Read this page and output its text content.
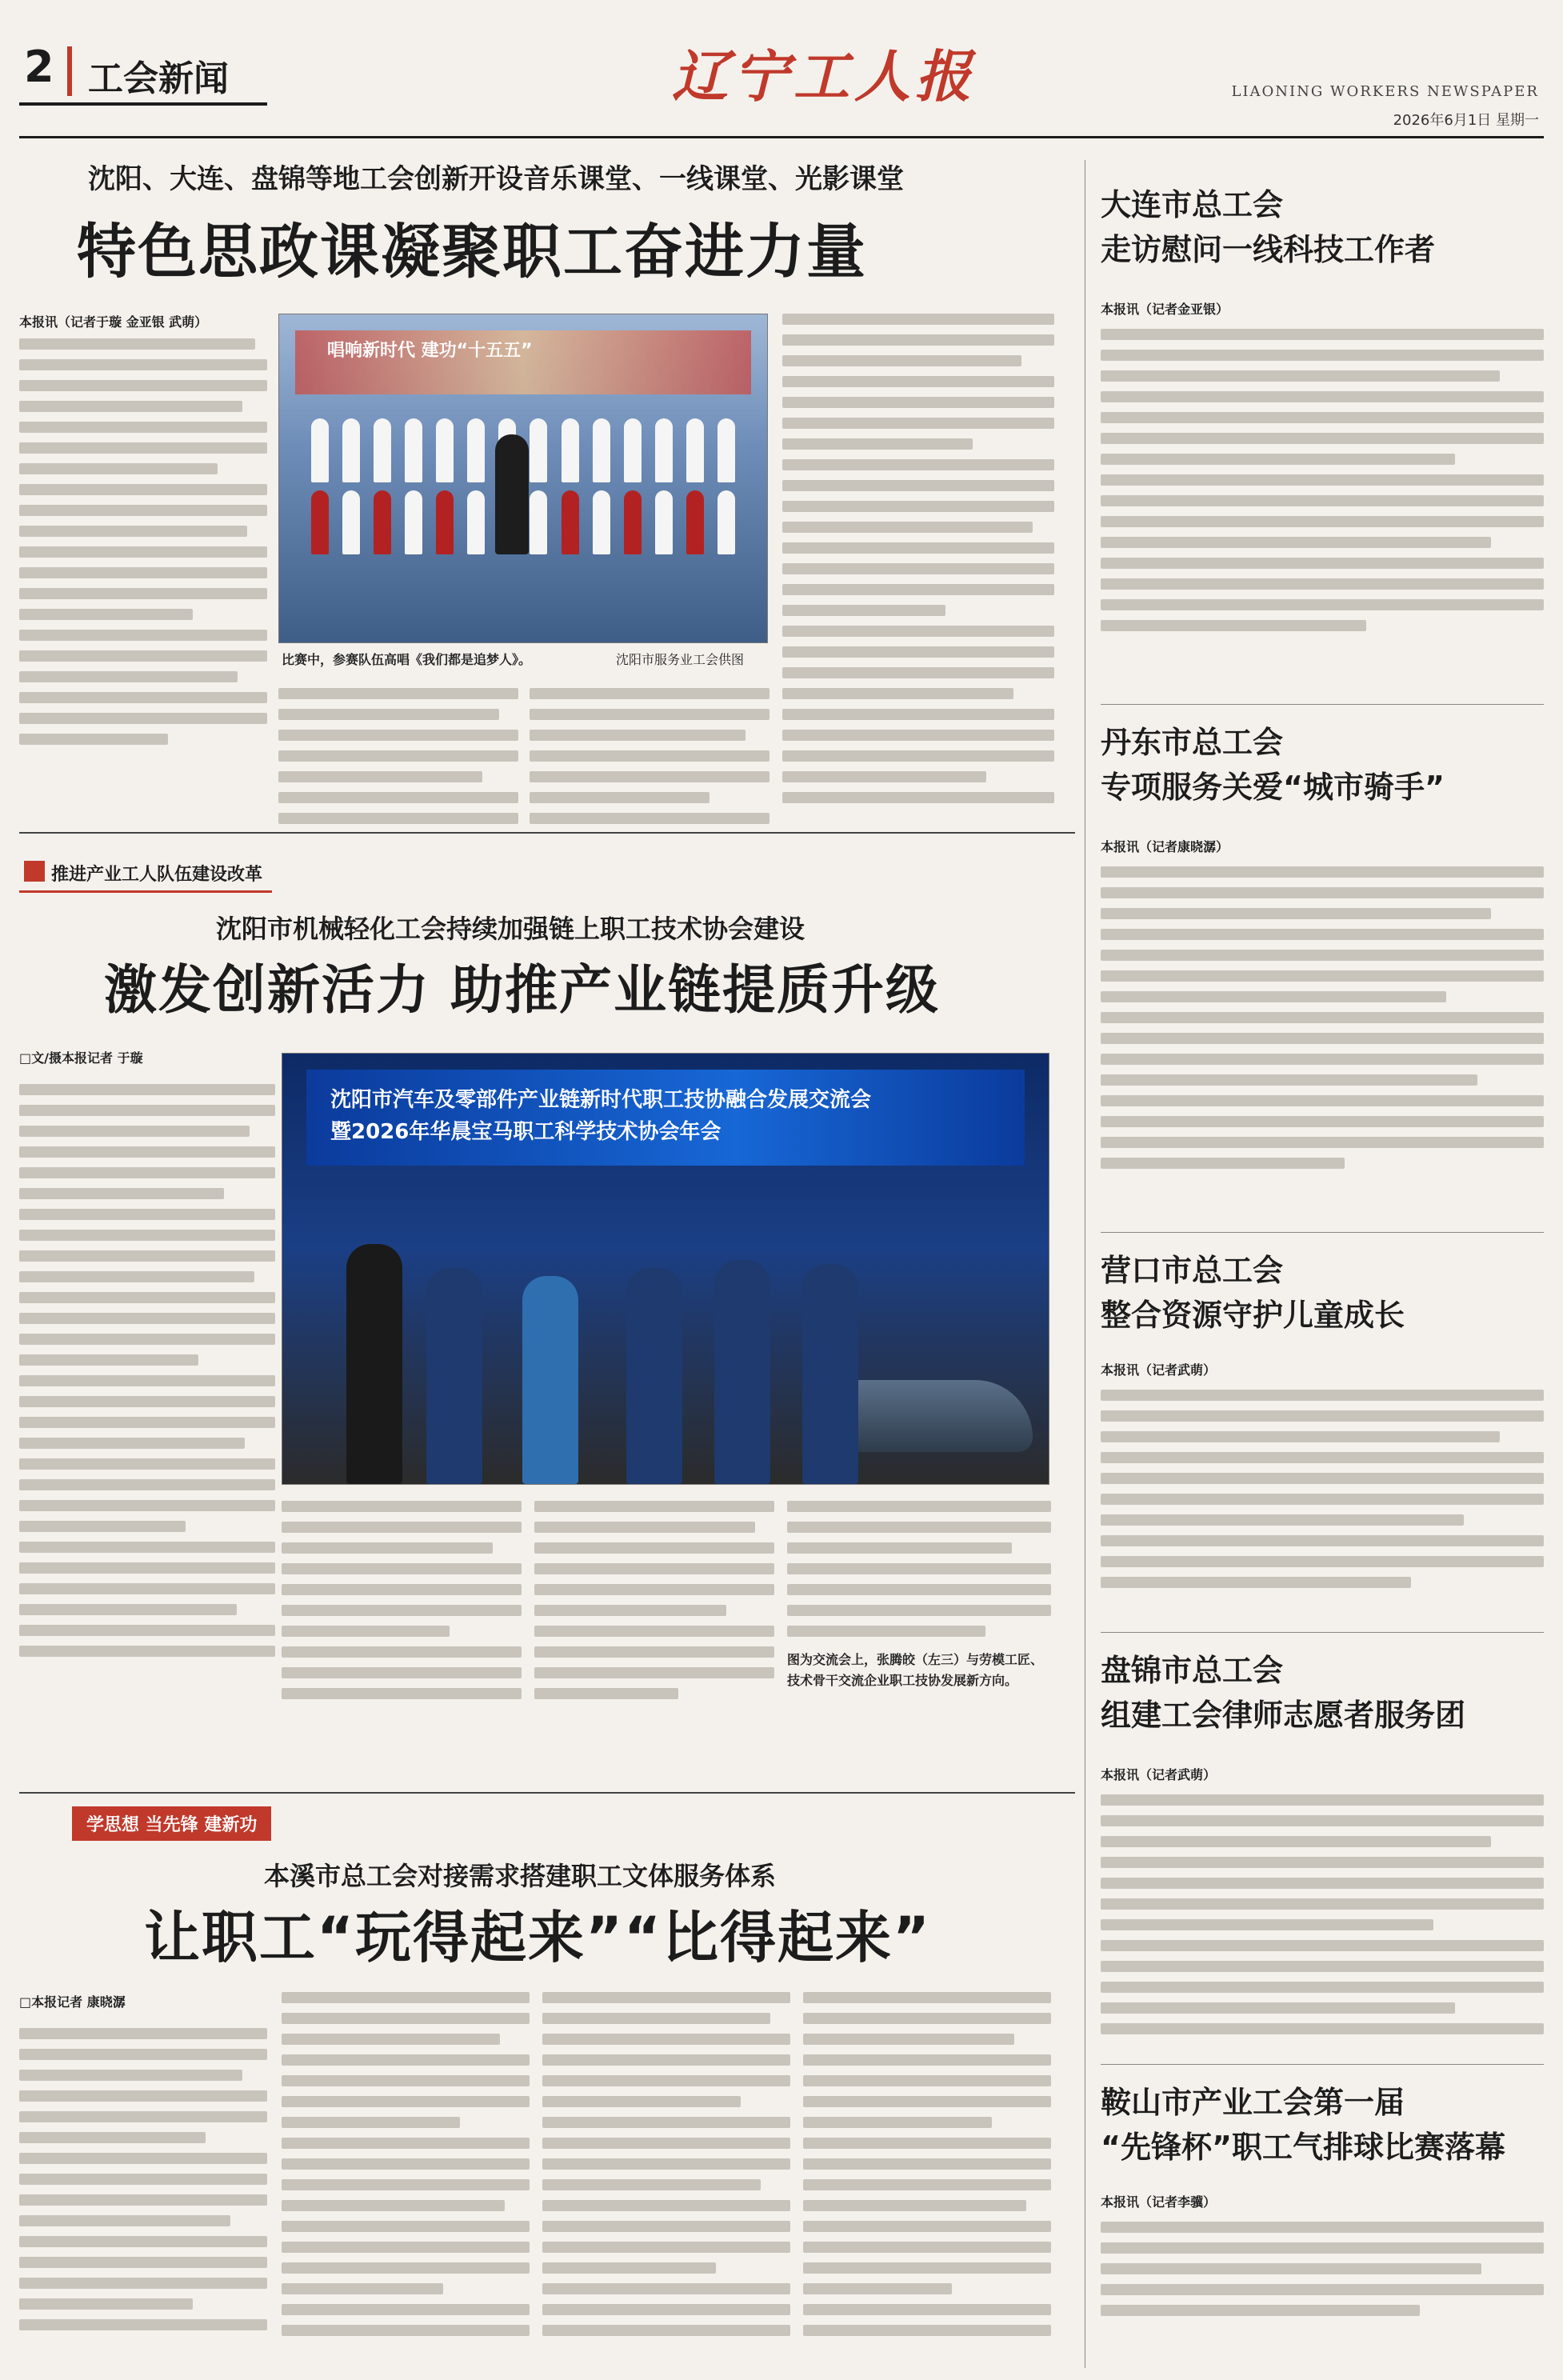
2 工会新闻	辽宁工人报	LIAONING WORKERS NEWSPAPER
2026年6月1日 星期一
沈阳、大连、盘锦等地工会创新开设音乐课堂、一线课堂、光影课堂
特色思政课凝聚职工奋进力量
本报讯（记者于璇 金亚银 武萌）
唱响新时代 建功“十五五”
比赛中，参赛队伍高唱《我们都是追梦人》。	沈阳市服务业工会供图
推进产业工人队伍建设改革
沈阳市机械轻化工会持续加强链上职工技术协会建设
激发创新活力 助推产业链提质升级
□文/摄本报记者 于璇
沈阳市汽车及零部件产业链新时代职工技协融合发展交流会
暨2026年华晨宝马职工科学技术协会年会
图为交流会上，张腾皎（左三）与劳模工匠、技术骨干交流企业职工技协发展新方向。
学思想 当先锋 建新功
本溪市总工会对接需求搭建职工文体服务体系
让职工“玩得起来”“比得起来”
□本报记者 康晓潺
大连市总工会
走访慰问一线科技工作者
本报讯（记者金亚银）
丹东市总工会
专项服务关爱“城市骑手”
本报讯（记者康晓潺）
营口市总工会
整合资源守护儿童成长
本报讯（记者武萌）
盘锦市总工会
组建工会律师志愿者服务团
本报讯（记者武萌）
鞍山市产业工会第一届
“先锋杯”职工气排球比赛落幕
本报讯（记者李骥）
